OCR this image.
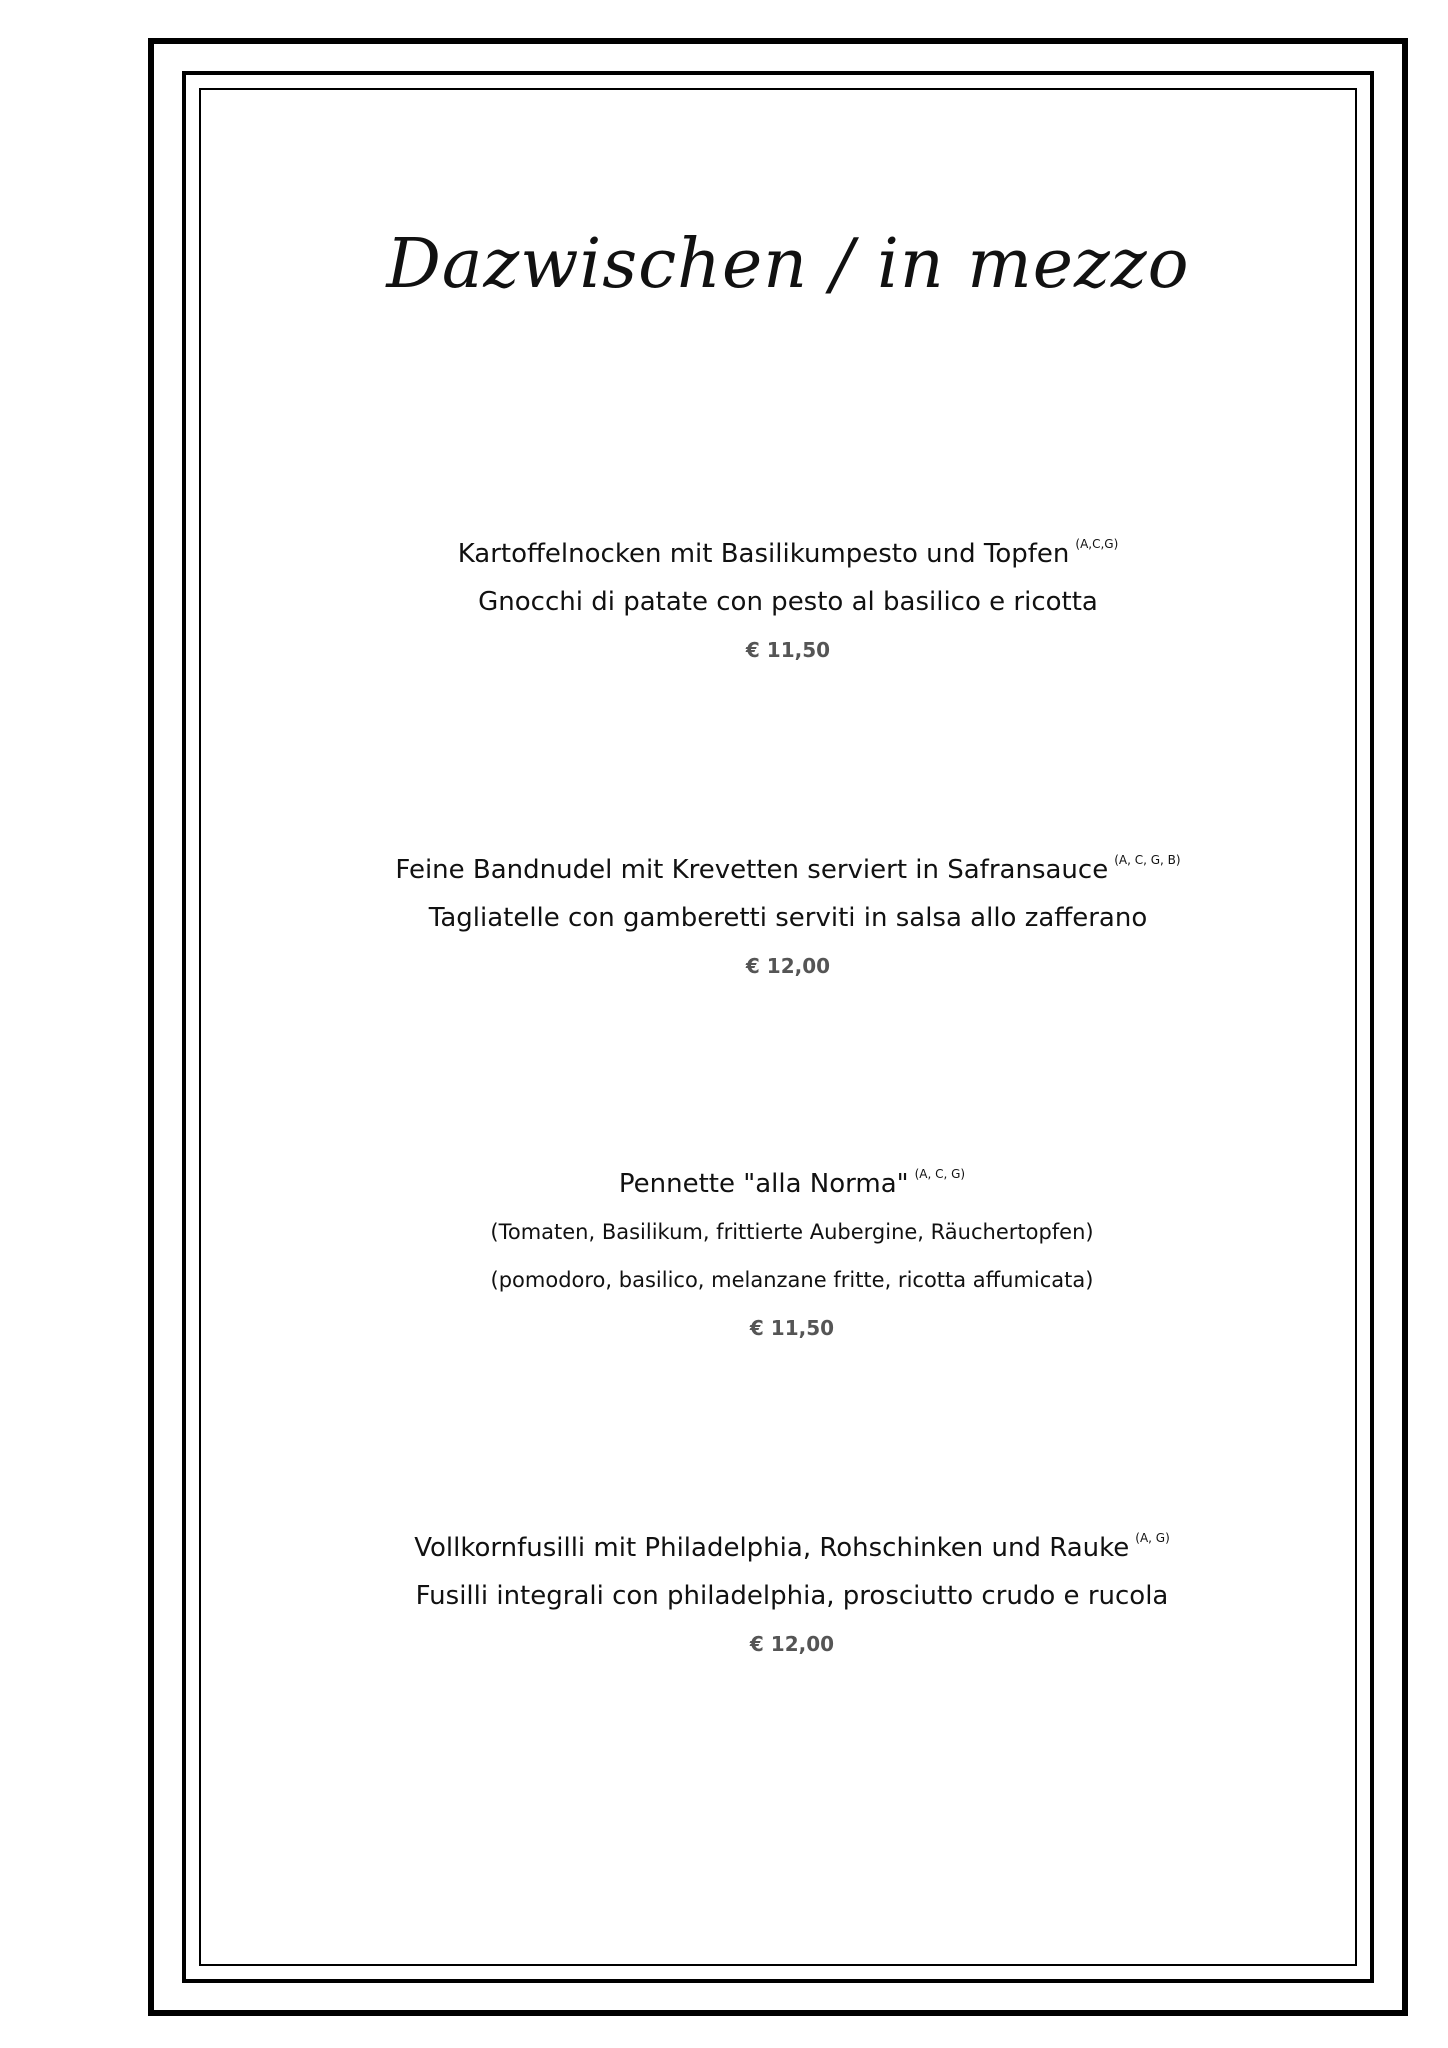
Dazwischen / in mezzo
Kartoffelnocken mit Basilikumpesto und Topfen $^{(A,C,G)}$
Gnocchi di patate con pesto al basilico e ricotta
€ 11,50
Feine Bandnudel mit Krevetten serviert in Safransauce $^{(A, C, G, B)}$
Tagliatelle con gamberetti serviti in salsa allo zafferano
€ 12,00
Pennette "alla Norma" $^{(A, C, G)}$
(Tomaten, Basilikum, frittierte Aubergine, Räuchertopfen)
(pomodoro, basilico, melanzane fritte, ricotta affumicata)
€ 11,50
Vollkornfusilli mit Philadelphia, Rohschinken und Rauke $^{(A, G)}$
Fusilli integrali con philadelphia, prosciutto crudo e rucola
€ 12,00
